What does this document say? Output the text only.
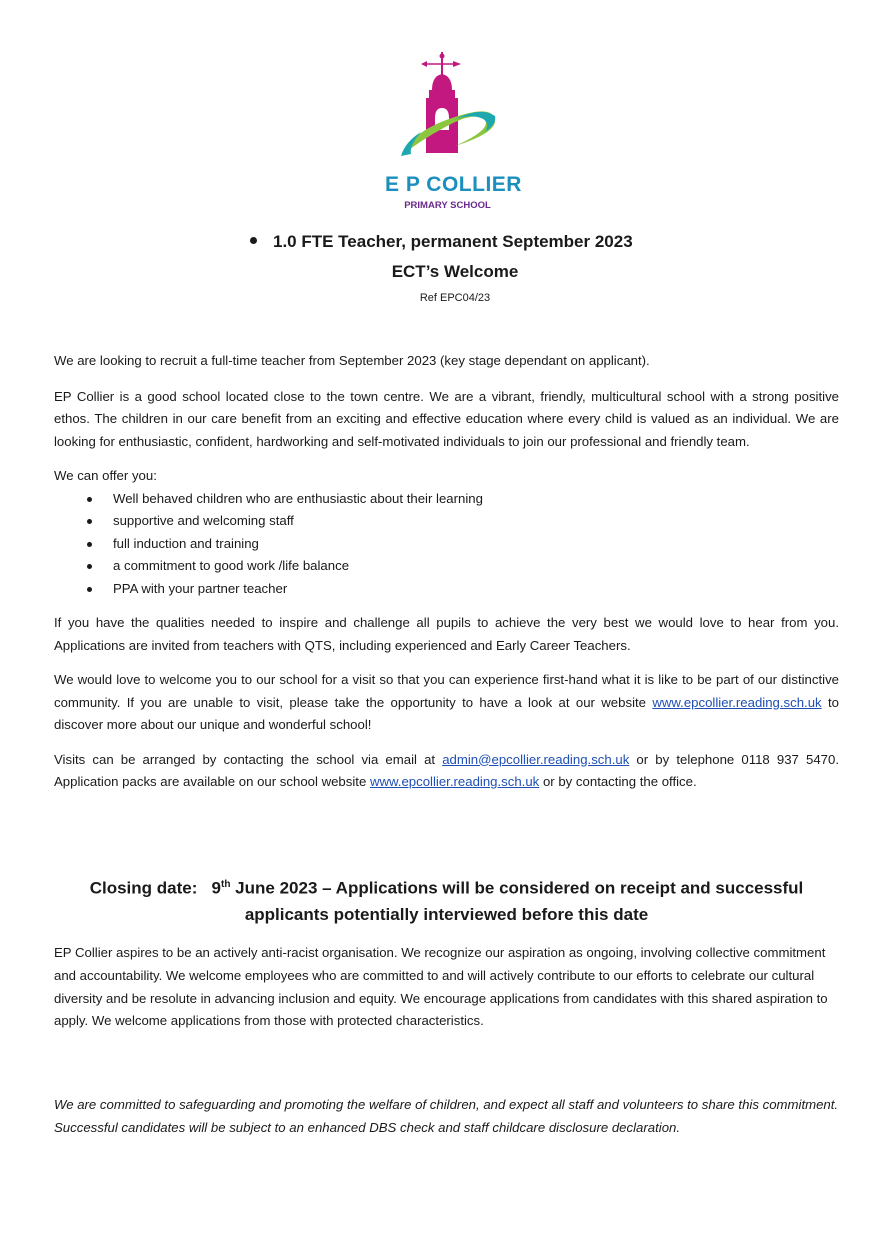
E P COLLIER
PRIMARY SCHOOL
1.0 FTE Teacher, permanent September 2023
ECT’s Welcome
Ref EPC04/23

We are looking to recruit a full-time teacher from September 2023 (key stage dependant on applicant).

EP Collier is a good school located close to the town centre. We are a vibrant, friendly, multicultural school with a strong positive ethos. The children in our care benefit from an exciting and effective education where every child is valued as an individual. We are looking for enthusiastic, confident, hardworking and self-motivated individuals to join our professional and friendly team.

We can offer you:

Well behaved children who are enthusiastic about their learning
supportive and welcoming staff
full induction and training
a commitment to good work /life balance
PPA with your partner teacher

If you have the qualities needed to inspire and challenge all pupils to achieve the very best we would love to hear from you. Applications are invited from teachers with QTS, including experienced and Early Career Teachers.

We would love to welcome you to our school for a visit so that you can experience first-hand what it is like to be part of our distinctive community. If you are unable to visit, please take the opportunity to have a look at our website www.epcollier.reading.sch.uk to discover more about our unique and wonderful school!

Visits can be arranged by contacting the school via email at admin@epcollier.reading.sch.uk or by telephone 0118 937 5470. Application packs are available on our school website www.epcollier.reading.sch.uk or by contacting the office.

Closing date: 9th June 2023 – Applications will be considered on receipt and successful applicants potentially interviewed before this date

EP Collier aspires to be an actively anti-racist organisation. We recognize our aspiration as ongoing, involving collective commitment and accountability. We welcome employees who are committed to and will actively contribute to our efforts to celebrate our cultural diversity and be resolute in advancing inclusion and equity. We encourage applications from candidates with this shared aspiration to apply. We welcome applications from those with protected characteristics.

We are committed to safeguarding and promoting the welfare of children, and expect all staff and volunteers to share this commitment. Successful candidates will be subject to an enhanced DBS check and staff childcare disclosure declaration.
